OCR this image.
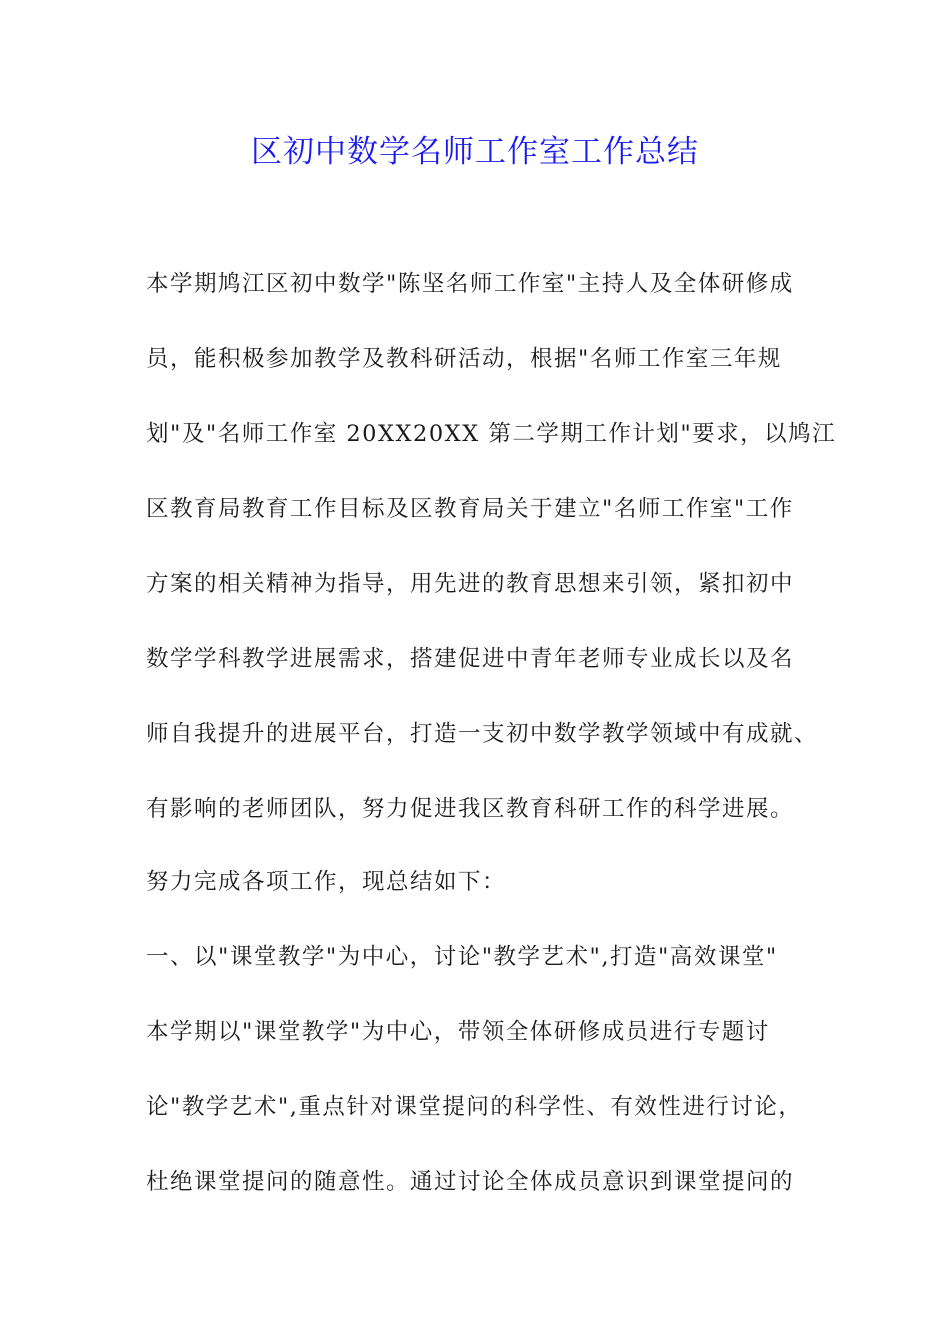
区初中数学名师工作室工作总结

本学期鸠江区初中数学"陈坚名师工作室"主持人及全体研修成

员，能积极参加教学及教科研活动，根据"名师工作室三年规

划"及"名师工作室 20XX20XX 第二学期工作计划"要求，以鸠江

区教育局教育工作目标及区教育局关于建立"名师工作室"工作

方案的相关精神为指导，用先进的教育思想来引领，紧扣初中

数学学科教学进展需求，搭建促进中青年老师专业成长以及名

师自我提升的进展平台，打造一支初中数学教学领域中有成就、

有影响的老师团队，努力促进我区教育科研工作的科学进展。

努力完成各项工作，现总结如下：

一、以"课堂教学"为中心，讨论"教学艺术",打造"高效课堂"

本学期以"课堂教学"为中心，带领全体研修成员进行专题讨

论"教学艺术",重点针对课堂提问的科学性、有效性进行讨论，

杜绝课堂提问的随意性。通过讨论全体成员意识到课堂提问的
